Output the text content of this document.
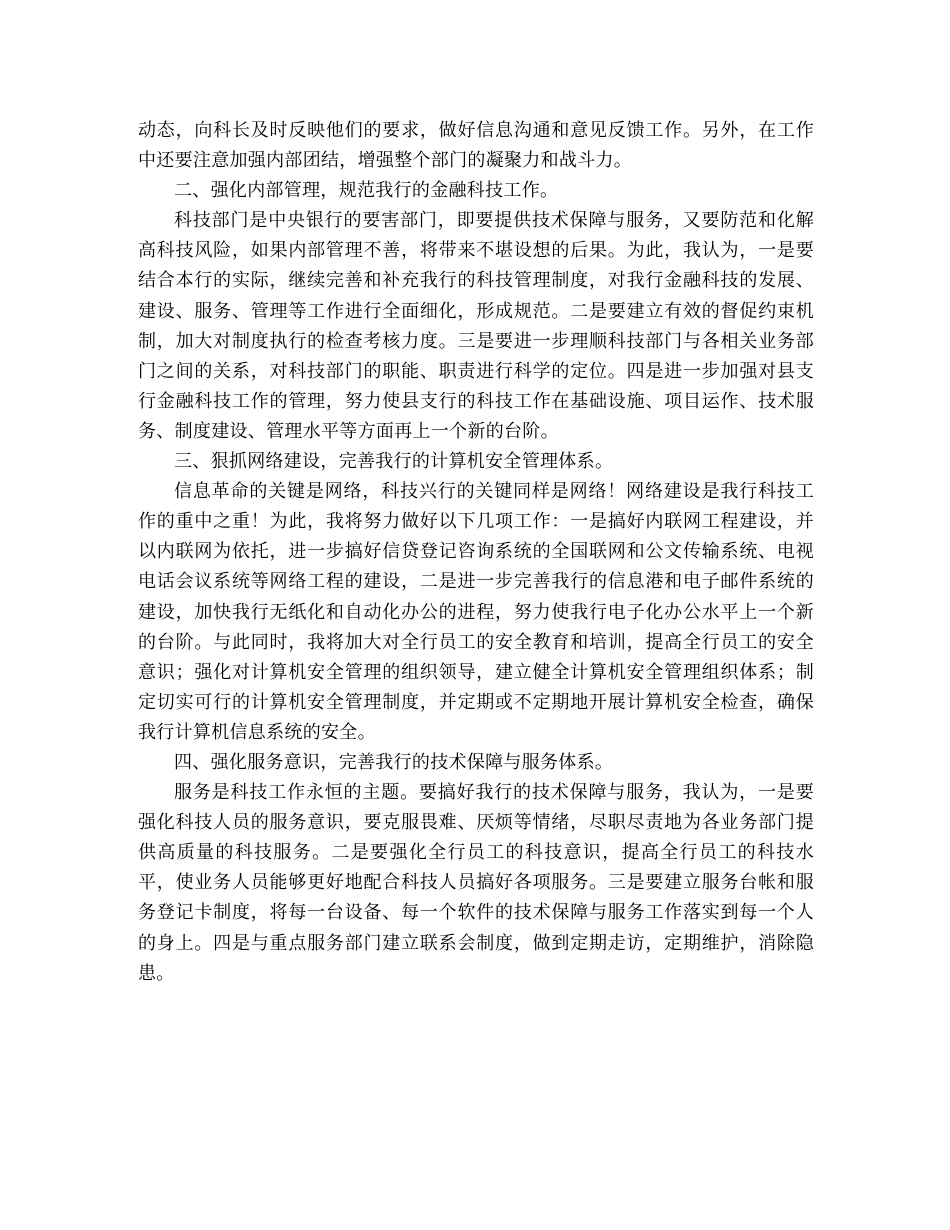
动态，向科长及时反映他们的要求，做好信息沟通和意见反馈工作。另外，在工作中还要注意加强内部团结，增强整个部门的凝聚力和战斗力。

二、强化内部管理，规范我行的金融科技工作。

科技部门是中央银行的要害部门，即要提供技术保障与服务，又要防范和化解高科技风险，如果内部管理不善，将带来不堪设想的后果。为此，我认为，一是要结合本行的实际，继续完善和补充我行的科技管理制度，对我行金融科技的发展、建设、服务、管理等工作进行全面细化，形成规范。二是要建立有效的督促约束机制，加大对制度执行的检查考核力度。三是要进一步理顺科技部门与各相关业务部门之间的关系，对科技部门的职能、职责进行科学的定位。四是进一步加强对县支行金融科技工作的管理，努力使县支行的科技工作在基础设施、项目运作、技术服务、制度建设、管理水平等方面再上一个新的台阶。

三、狠抓网络建设，完善我行的计算机安全管理体系。

信息革命的关键是网络，科技兴行的关键同样是网络！网络建设是我行科技工作的重中之重！为此，我将努力做好以下几项工作：一是搞好内联网工程建设，并以内联网为依托，进一步搞好信贷登记咨询系统的全国联网和公文传输系统、电视电话会议系统等网络工程的建设，二是进一步完善我行的信息港和电子邮件系统的建设，加快我行无纸化和自动化办公的进程，努力使我行电子化办公水平上一个新的台阶。与此同时，我将加大对全行员工的安全教育和培训，提高全行员工的安全意识；强化对计算机安全管理的组织领导，建立健全计算机安全管理组织体系；制定切实可行的计算机安全管理制度，并定期或不定期地开展计算机安全检查，确保我行计算机信息系统的安全。

四、强化服务意识，完善我行的技术保障与服务体系。

服务是科技工作永恒的主题。要搞好我行的技术保障与服务，我认为，一是要强化科技人员的服务意识，要克服畏难、厌烦等情绪，尽职尽责地为各业务部门提供高质量的科技服务。二是要强化全行员工的科技意识，提高全行员工的科技水平，使业务人员能够更好地配合科技人员搞好各项服务。三是要建立服务台帐和服务登记卡制度，将每一台设备、每一个软件的技术保障与服务工作落实到每一个人的身上。四是与重点服务部门建立联系会制度，做到定期走访，定期维护，消除隐患。
